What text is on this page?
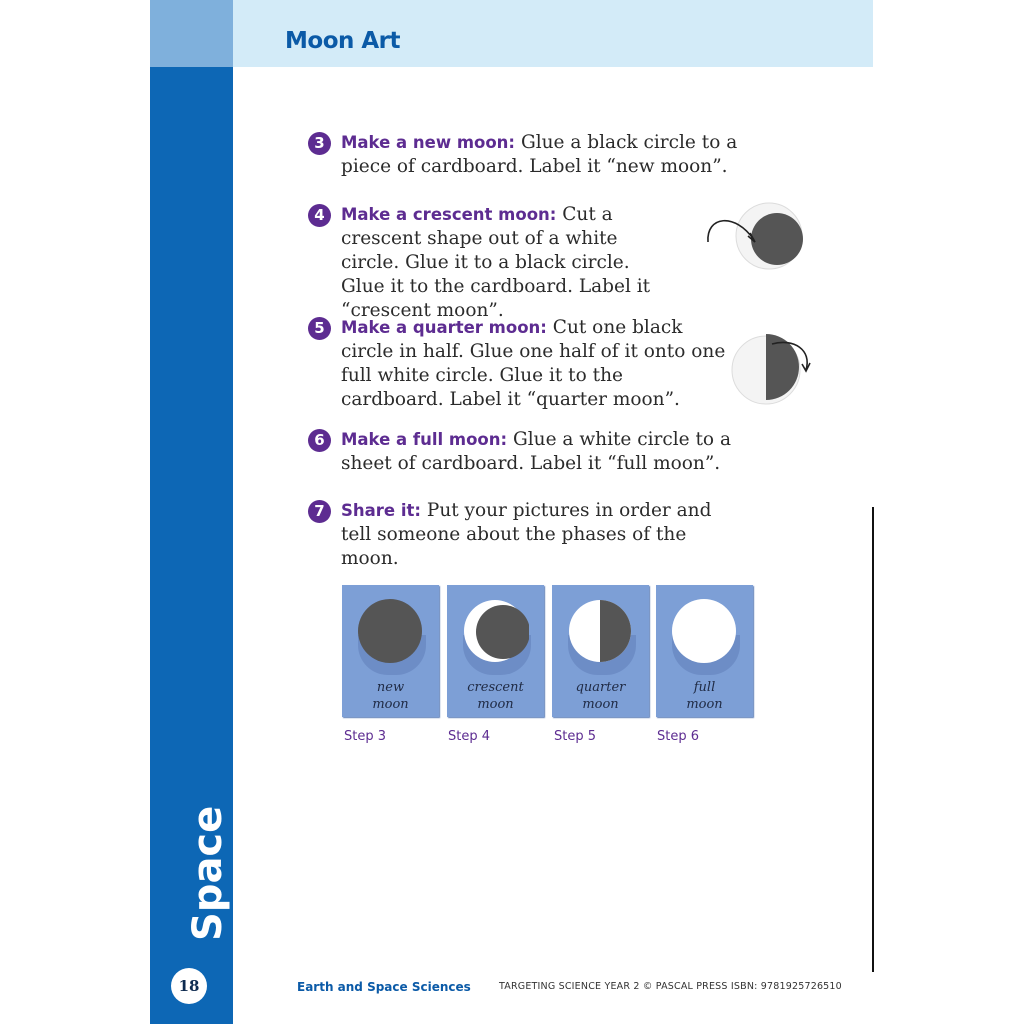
Moon Art
Space
18
3 Make a new moon: Glue a black circle to a piece of cardboard. Label it “new moon”.
4 Make a crescent moon: Cut a crescent shape out of a white circle. Glue it to a black circle. Glue it to the cardboard. Label it “crescent moon”.
5 Make a quarter moon: Cut one black circle in half. Glue one half of it onto one full white circle. Glue it to the cardboard. Label it “quarter moon”.
6 Make a full moon: Glue a white circle to a sheet of cardboard. Label it “full moon”.
7 Share it: Put your pictures in order and tell someone about the phases of the moon.
new
moon
crescent
moon
quarter
moon
full
moon
Step 3	Step 4	Step 5	Step 6
Earth and Space Sciences	TARGETING SCIENCE YEAR 2 © PASCAL PRESS ISBN: 9781925726510
